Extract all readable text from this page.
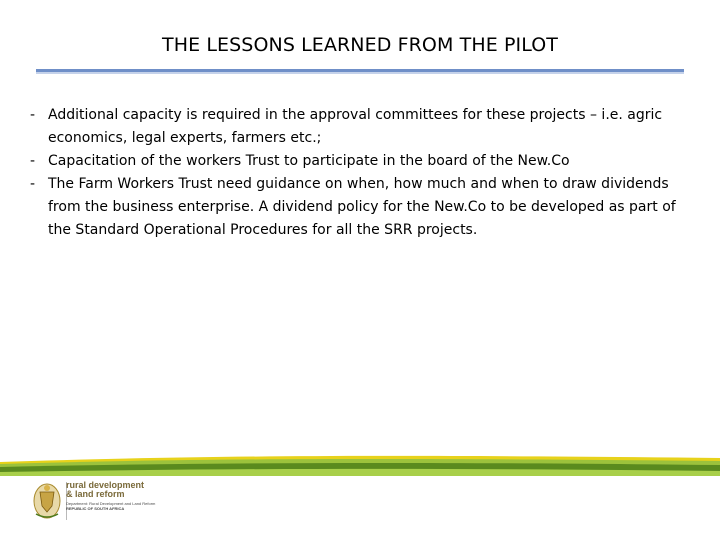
THE LESSONS LEARNED FROM THE PILOT
- Additional capacity is required in the approval committees for these projects – i.e. agric economics, legal experts, farmers etc.;
- Capacitation of the workers Trust to participate in the board of the New.Co
- The Farm Workers Trust need guidance on when, how much and when to draw dividends from the business enterprise. A dividend policy for the New.Co to be developed as part of the Standard Operational Procedures for all the SRR projects.
rural development
& land reform
Department: Rural Development and Land Reform
REPUBLIC OF SOUTH AFRICA
